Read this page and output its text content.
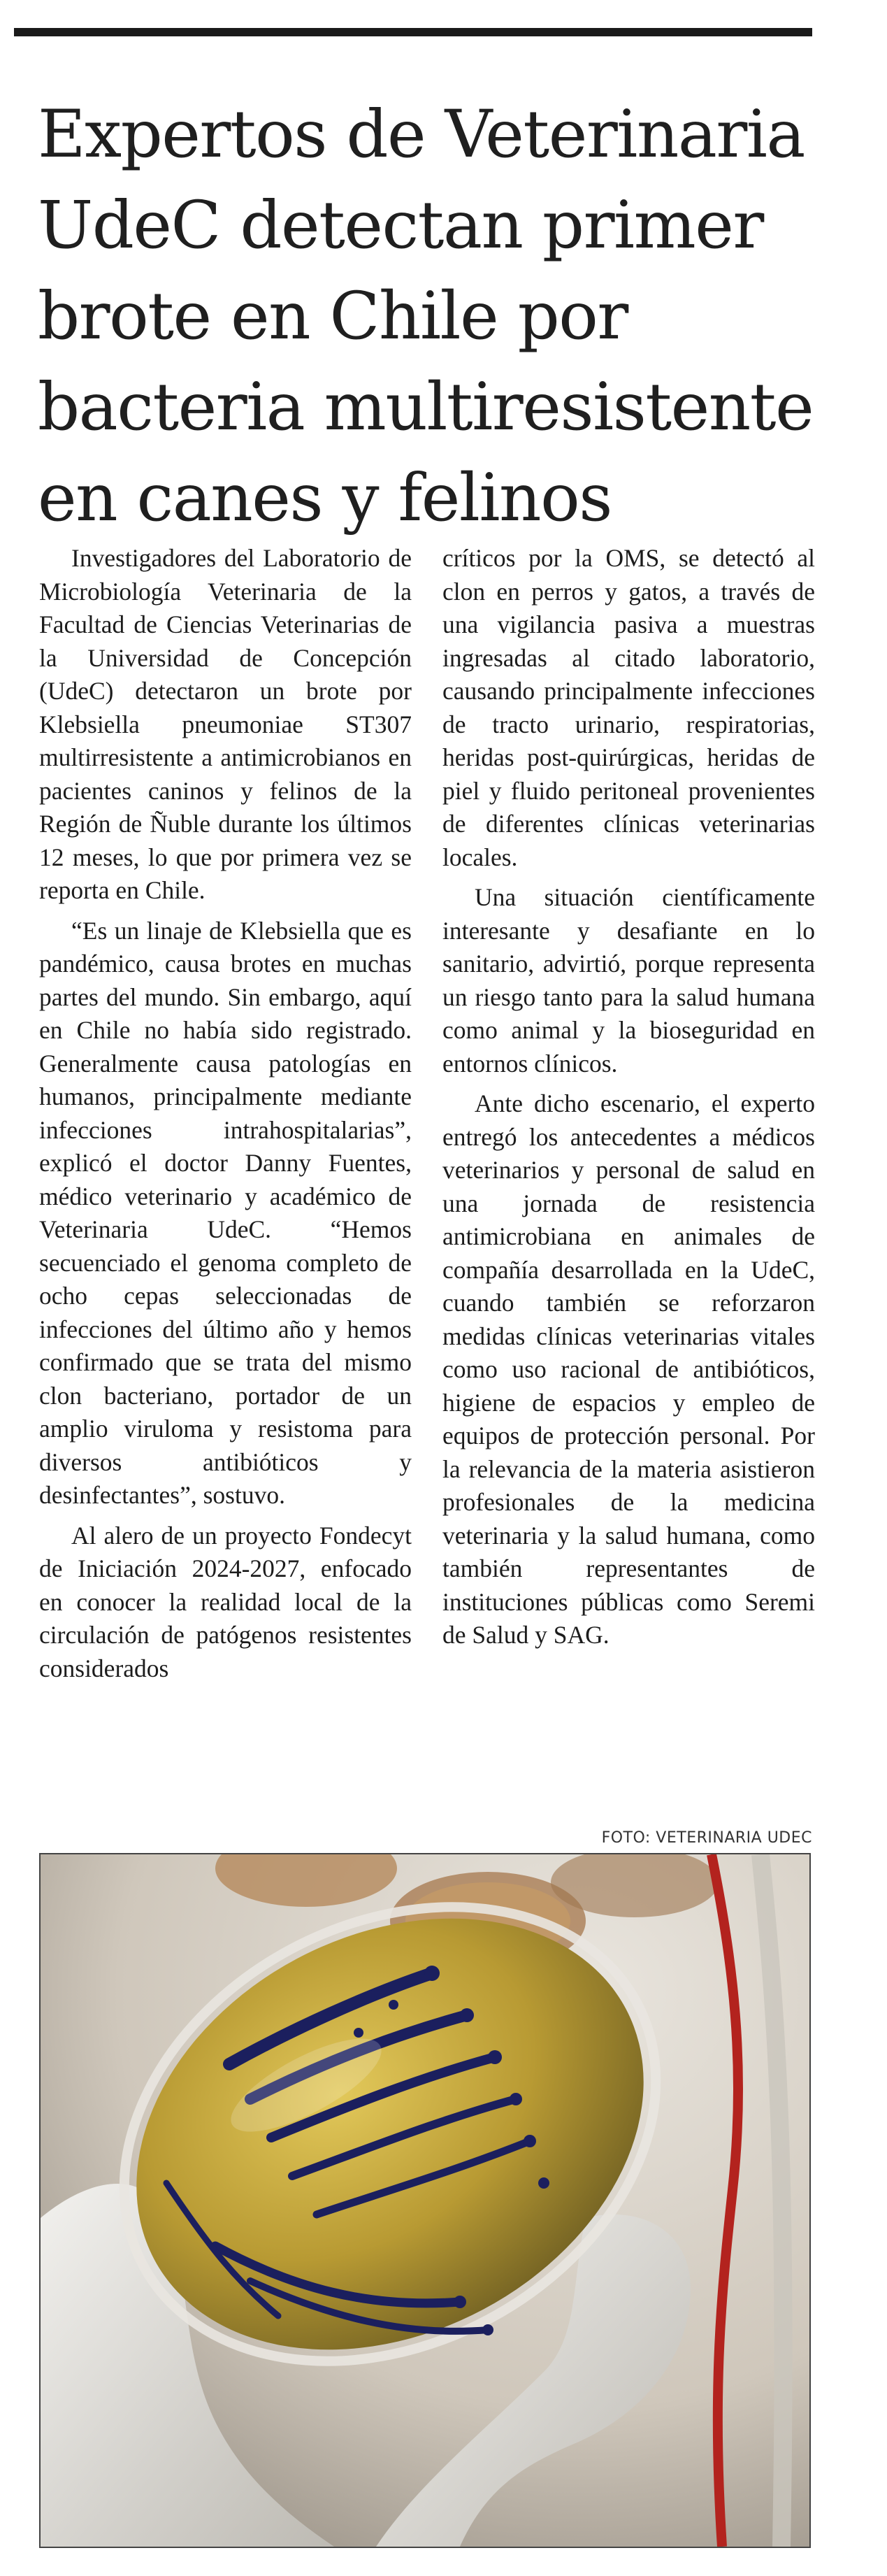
Expertos de Veterinaria UdeC detectan primer brote en Chile por bacteria multiresistente en canes y felinos

Investigadores del Laboratorio de Microbiología Veterinaria de la Facultad de Ciencias Veterinarias de la Universidad de Concepción (UdeC) detectaron un brote por Klebsiella pneumoniae ST307 multirresistente a antimicrobianos en pacientes caninos y felinos de la Región de Ñuble durante los últimos 12 meses, lo que por primera vez se reporta en Chile.

“Es un linaje de Klebsiella que es pandémico, causa brotes en muchas partes del mundo. Sin embargo, aquí en Chile no había sido registrado. Generalmente causa patologías en humanos, principalmente mediante infecciones intrahospitalarias”, explicó el doctor Danny Fuentes, médico veterinario y académico de Veterinaria UdeC. “Hemos secuenciado el genoma completo de ocho cepas seleccionadas de infecciones del último año y hemos confirmado que se trata del mismo clon bacteriano, portador de un amplio viruloma y resistoma para diversos antibióticos y desinfectantes”, sostuvo.

Al alero de un proyecto Fondecyt de Iniciación 2024-2027, enfocado en conocer la realidad local de la circulación de patógenos resistentes considerados

críticos por la OMS, se detectó al clon en perros y gatos, a través de una vigilancia pasiva a muestras ingresadas al citado laboratorio, causando principalmente infecciones de tracto urinario, respiratorias, heridas post-quirúrgicas, heridas de piel y fluido peritoneal provenientes de diferentes clínicas veterinarias locales.

Una situación científicamente interesante y desafiante en lo sanitario, advirtió, porque representa un riesgo tanto para la salud humana como animal y la bioseguridad en entornos clínicos.

Ante dicho escenario, el experto entregó los antecedentes a médicos veterinarios y personal de salud en una jornada de resistencia antimicrobiana en animales de compañía desarrollada en la UdeC, cuando también se reforzaron medidas clínicas veterinarias vitales como uso racional de antibióticos, higiene de espacios y empleo de equipos de protección personal. Por la relevancia de la materia asistieron profesionales de la medicina veterinaria y la salud humana, como también representantes de instituciones públicas como Seremi de Salud y SAG.

FOTO: VETERINARIA UDEC
